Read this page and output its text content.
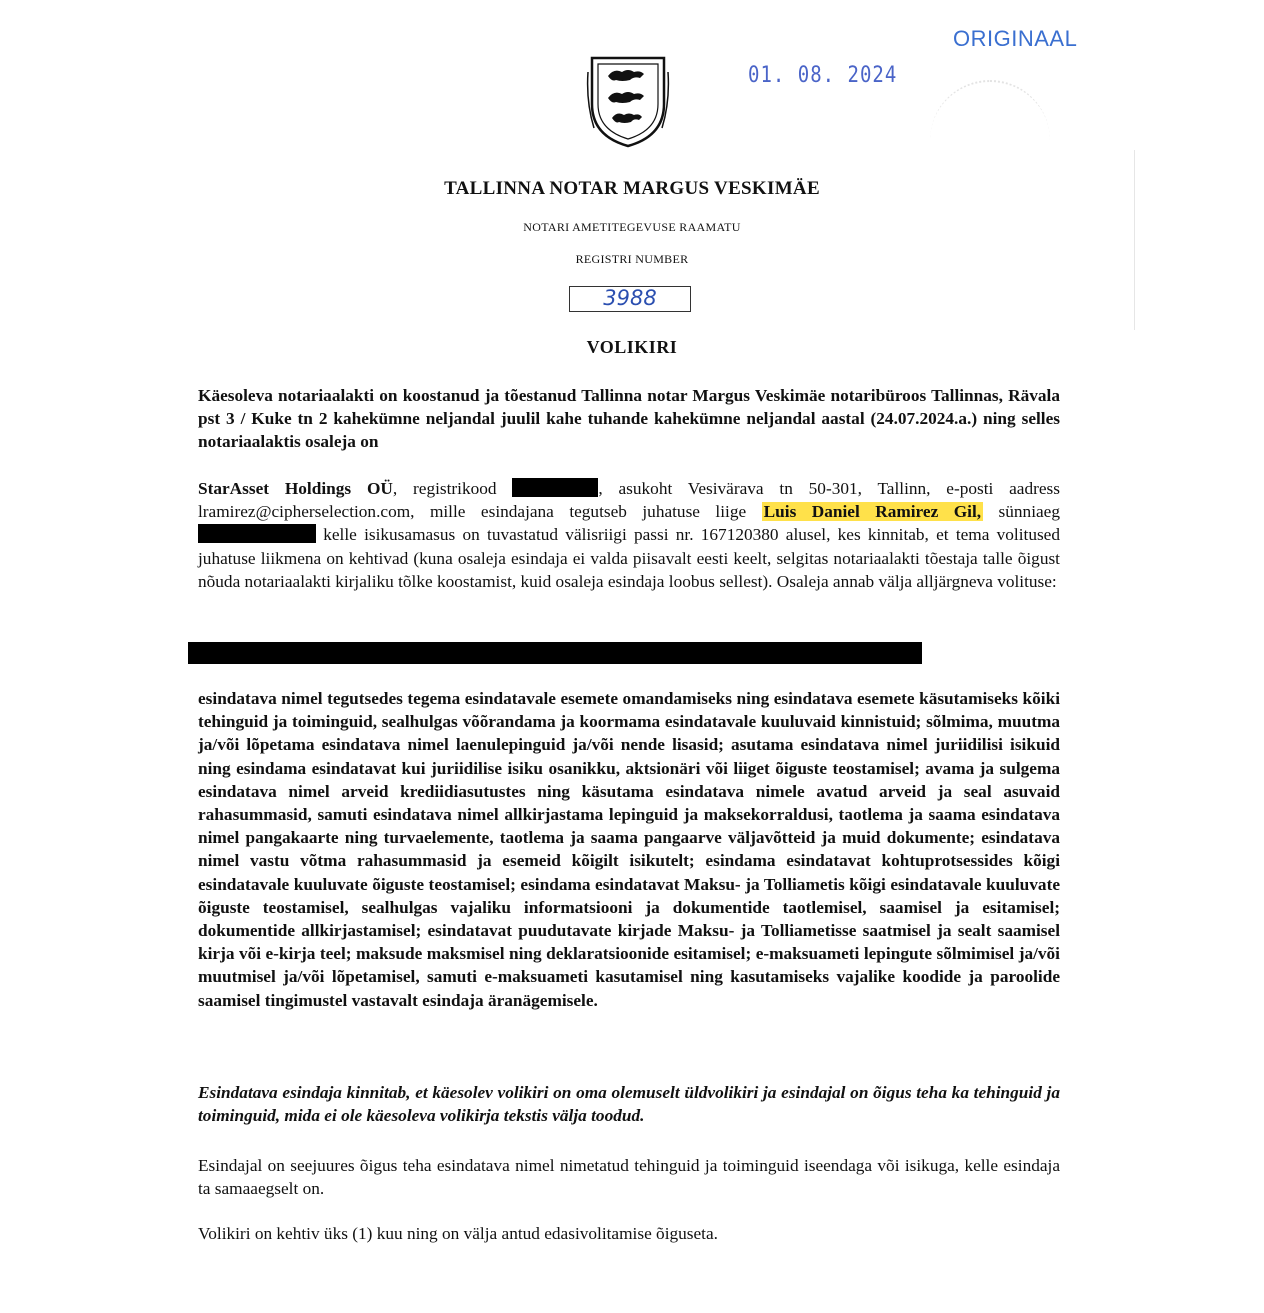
ORIGINAAL
01. 08. 2024
TALLINNA NOTAR MARGUS VESKIMÄE
NOTARI AMETITEGEVUSE RAAMATU
REGISTRI NUMBER
3988
VOLIKIRI
Käesoleva notariaalakti on koostanud ja tõestanud Tallinna notar Margus Veskimäe notaribüroos Tallinnas, Rävala pst 3 / Kuke tn 2 kahekümne neljandal juulil kahe tuhande kahekümne neljandal aastal (24.07.2024.a.) ning selles notariaalaktis osaleja on
StarAsset Holdings OÜ, registrikood	, asukoht Vesivärava tn 50-301, Tallinn, e-posti aadress lramirez@cipherselection.com, mille esindajana tegutseb juhatuse liige Luis Daniel Ramirez Gil, sünniaeg  kelle isikusamasus on tuvastatud välisriigi passi nr. 167120380 alusel, kes kinnitab, et tema volitused juhatuse liikmena on kehtivad (kuna osaleja esindaja ei valda piisavalt eesti keelt, selgitas notariaalakti tõestaja talle õigust nõuda notariaalakti kirjaliku tõlke koostamist, kuid osaleja esindaja loobus sellest). Osaleja annab välja alljärgneva volituse:
esindatava nimel tegutsedes tegema esindatavale esemete omandamiseks ning esindatava esemete käsutamiseks kõiki tehinguid ja toiminguid, sealhulgas võõrandama ja koormama esindatavale kuuluvaid kinnistuid; sõlmima, muutma ja/või lõpetama esindatava nimel laenulepinguid ja/või nende lisasid; asutama esindatava nimel juriidilisi isikuid ning esindama esindatavat kui juriidilise isiku osanikku, aktsionäri või liiget õiguste teostamisel; avama ja sulgema esindatava nimel arveid krediidiasutustes ning käsutama esindatava nimele avatud arveid ja seal asuvaid rahasummasid, samuti esindatava nimel allkirjastama lepinguid ja maksekorraldusi, taotlema ja saama esindatava nimel pangakaarte ning turvaelemente, taotlema ja saama pangaarve väljavõtteid ja muid dokumente; esindatava nimel vastu võtma rahasummasid ja esemeid kõigilt isikutelt; esindama esindatavat kohtuprotsessides kõigi esindatavale kuuluvate õiguste teostamisel; esindama esindatavat Maksu- ja Tolliametis kõigi esindatavale kuuluvate õiguste teostamisel, sealhulgas vajaliku informatsiooni ja dokumentide taotlemisel, saamisel ja esitamisel; dokumentide allkirjastamisel; esindatavat puudutavate kirjade Maksu- ja Tolliametisse saatmisel ja sealt saamisel kirja või e-kirja teel; maksude maksmisel ning deklaratsioonide esitamisel; e-maksuameti lepingute sõlmimisel ja/või muutmisel ja/või lõpetamisel, samuti e-maksuameti kasutamisel ning kasutamiseks vajalike koodide ja paroolide saamisel tingimustel vastavalt esindaja äranägemisele.
Esindatava esindaja kinnitab, et käesolev volikiri on oma olemuselt üldvolikiri ja esindajal on õigus teha ka tehinguid ja toiminguid, mida ei ole käesoleva volikirja tekstis välja toodud.
Esindajal on seejuures õigus teha esindatava nimel nimetatud tehinguid ja toiminguid iseendaga või isikuga, kelle esindaja ta samaaegselt on.
Volikiri on kehtiv üks (1) kuu ning on välja antud edasivolitamise õiguseta.
